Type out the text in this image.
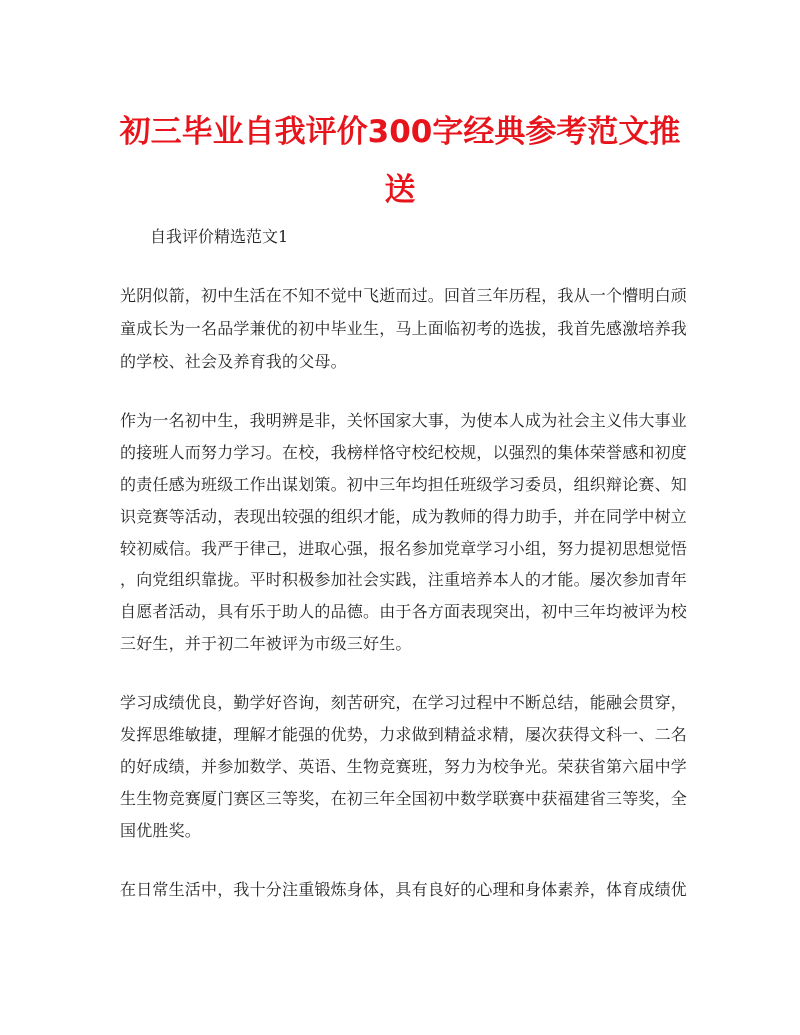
初三毕业自我评价300字经典参考范文推
送

自我评价精选范文1

光阴似箭，初中生活在不知不觉中飞逝而过。回首三年历程，我从一个懵明白顽

童成长为一名品学兼优的初中毕业生，马上面临初考的选拔，我首先感激培养我

的学校、社会及养育我的父母。

作为一名初中生，我明辨是非，关怀国家大事，为使本人成为社会主义伟大事业

的接班人而努力学习。在校，我榜样恪守校纪校规，以强烈的集体荣誉感和初度

的责任感为班级工作出谋划策。初中三年均担任班级学习委员，组织辩论赛、知

识竞赛等活动，表现出较强的组织才能，成为教师的得力助手，并在同学中树立

较初威信。我严于律己，进取心强，报名参加党章学习小组，努力提初思想觉悟

，向党组织靠拢。平时积极参加社会实践，注重培养本人的才能。屡次参加青年

自愿者活动，具有乐于助人的品德。由于各方面表现突出，初中三年均被评为校

三好生，并于初二年被评为市级三好生。

学习成绩优良，勤学好咨询，刻苦研究，在学习过程中不断总结，能融会贯穿，

发挥思维敏捷，理解才能强的优势，力求做到精益求精，屡次获得文科一、二名

的好成绩，并参加数学、英语、生物竞赛班，努力为校争光。荣获省第六届中学

生生物竞赛厦门赛区三等奖，在初三年全国初中数学联赛中获福建省三等奖，全

国优胜奖。

在日常生活中，我十分注重锻炼身体，具有良好的心理和身体素养，体育成绩优
